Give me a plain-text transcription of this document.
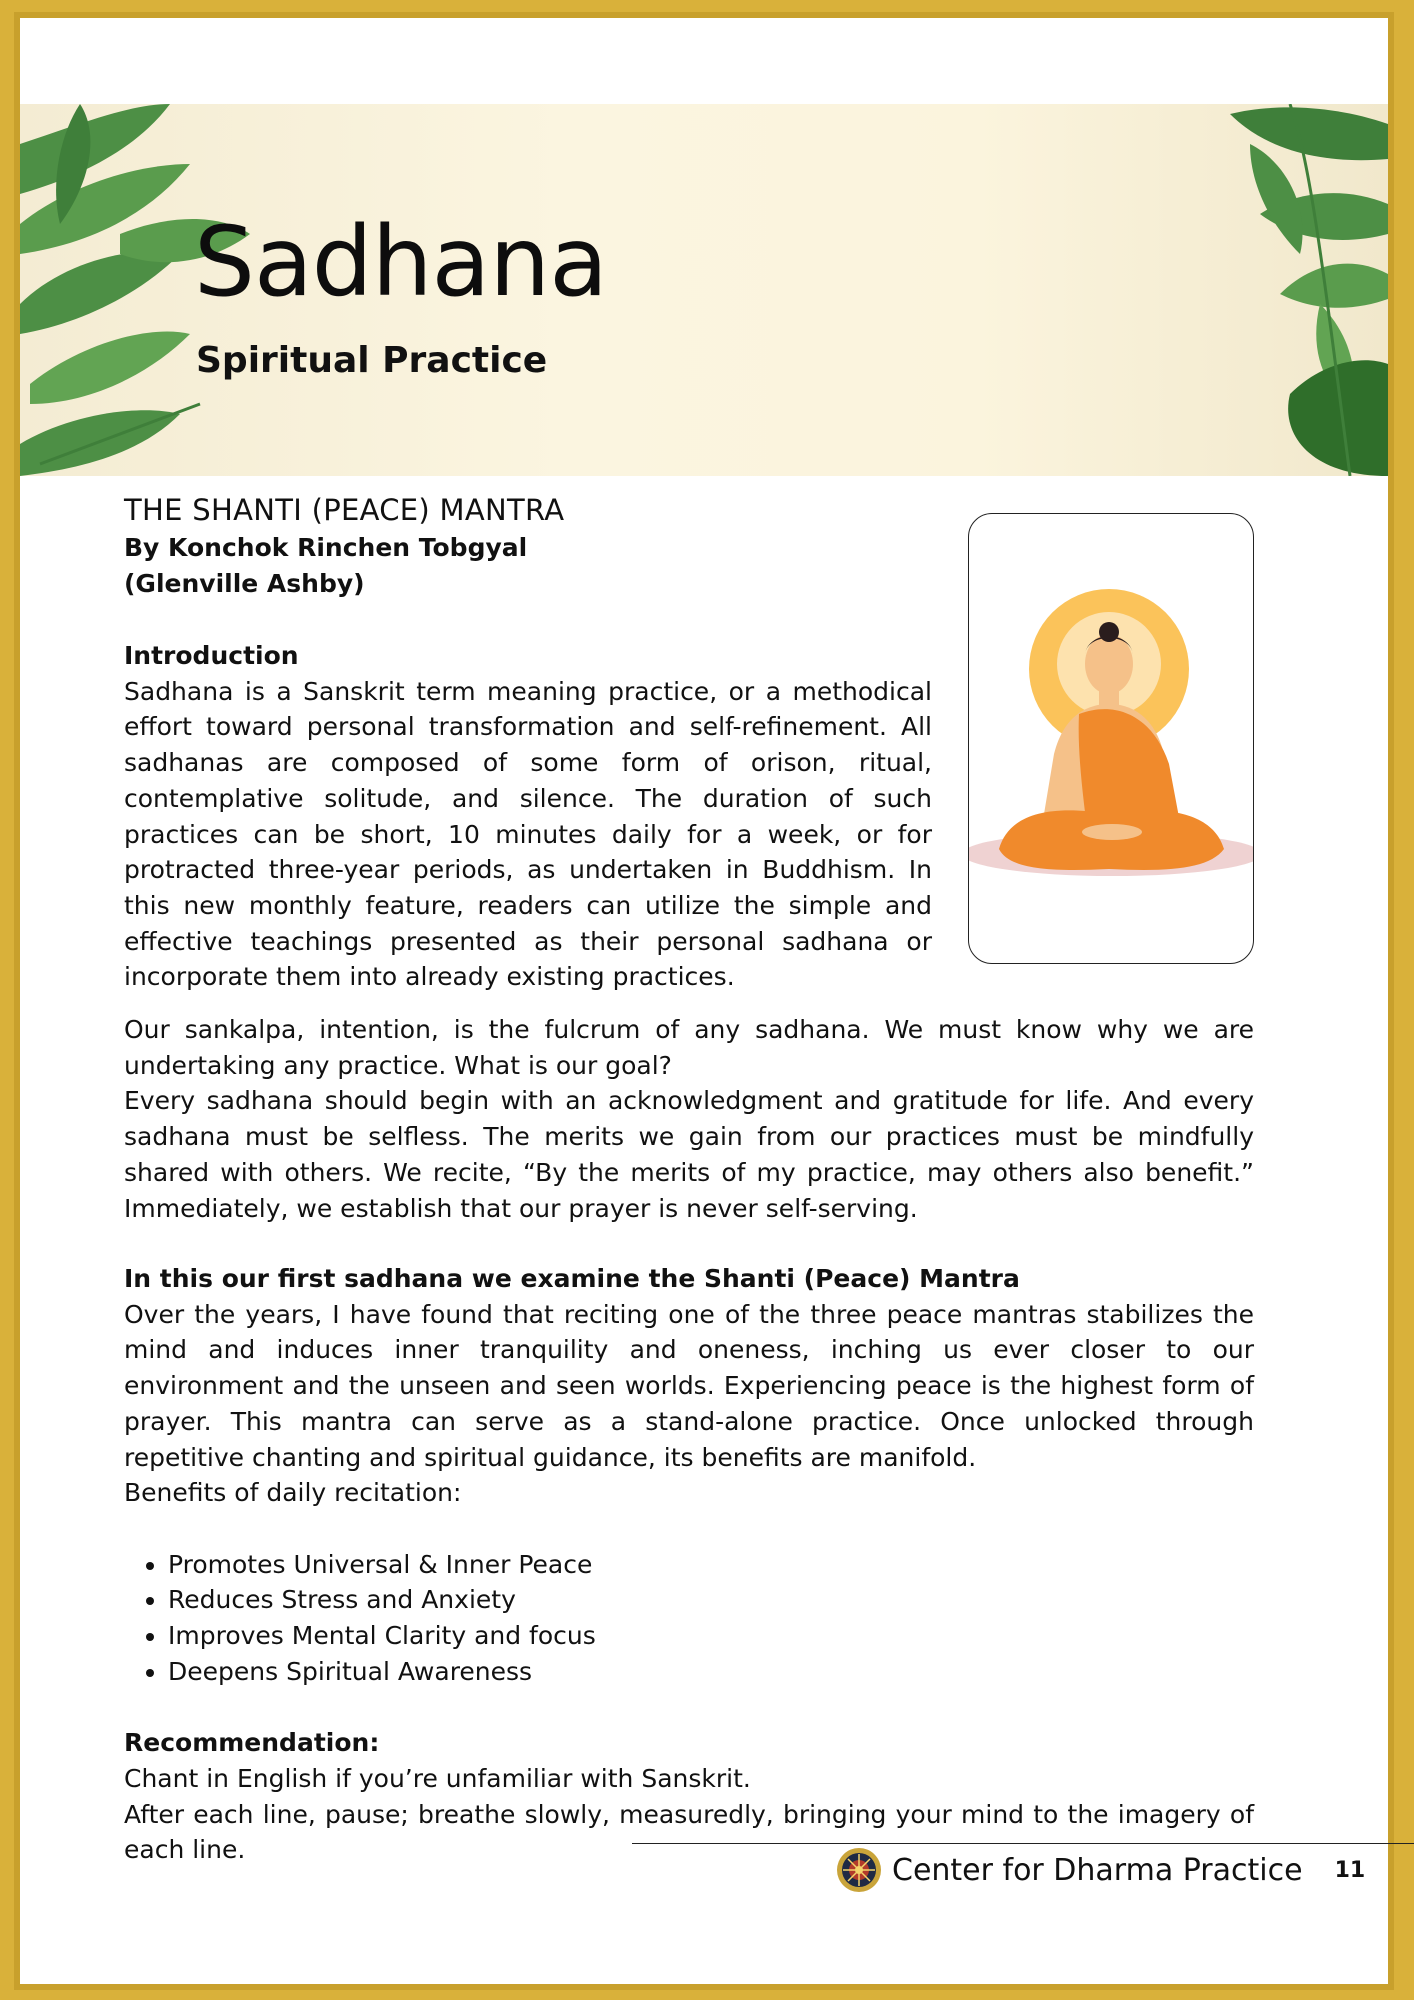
Sadhana
Spiritual Practice
THE SHANTI (PEACE) MANTRA

By Konchok Rinchen Tobgyal

(Glenville Ashby)

Introduction

Sadhana is a Sanskrit term meaning practice, or a methodical effort toward personal transformation and self-refinement. All sadhanas are composed of some form of orison, ritual, contemplative solitude, and silence. The duration of such practices can be short, 10 minutes daily for a week, or for protracted three-year periods, as undertaken in Buddhism. In this new monthly feature, readers can utilize the simple and effective teachings presented as their personal sadhana or incorporate them into already existing practices.

Our sankalpa, intention, is the fulcrum of any sadhana. We must know why we are undertaking any practice. What is our goal?

Every sadhana should begin with an acknowledgment and gratitude for life. And every sadhana must be selfless. The merits we gain from our practices must be mindfully shared with others. We recite, “By the merits of my practice, may others also benefit.” Immediately, we establish that our prayer is never self-serving.

In this our first sadhana we examine the Shanti (Peace) Mantra

Over the years, I have found that reciting one of the three peace mantras stabilizes the mind and induces inner tranquility and oneness, inching us ever closer to our environment and the unseen and seen worlds. Experiencing peace is the highest form of prayer. This mantra can serve as a stand-alone practice. Once unlocked through repetitive chanting and spiritual guidance, its benefits are manifold.

Benefits of daily recitation:

• Promotes Universal & Inner Peace
• Reduces Stress and Anxiety
• Improves Mental Clarity and focus
• Deepens Spiritual Awareness

Recommendation:

Chant in English if you’re unfamiliar with Sanskrit.

After each line, pause; breathe slowly, measuredly, bringing your mind to the imagery of each line.

Center for Dharma Practice 11
